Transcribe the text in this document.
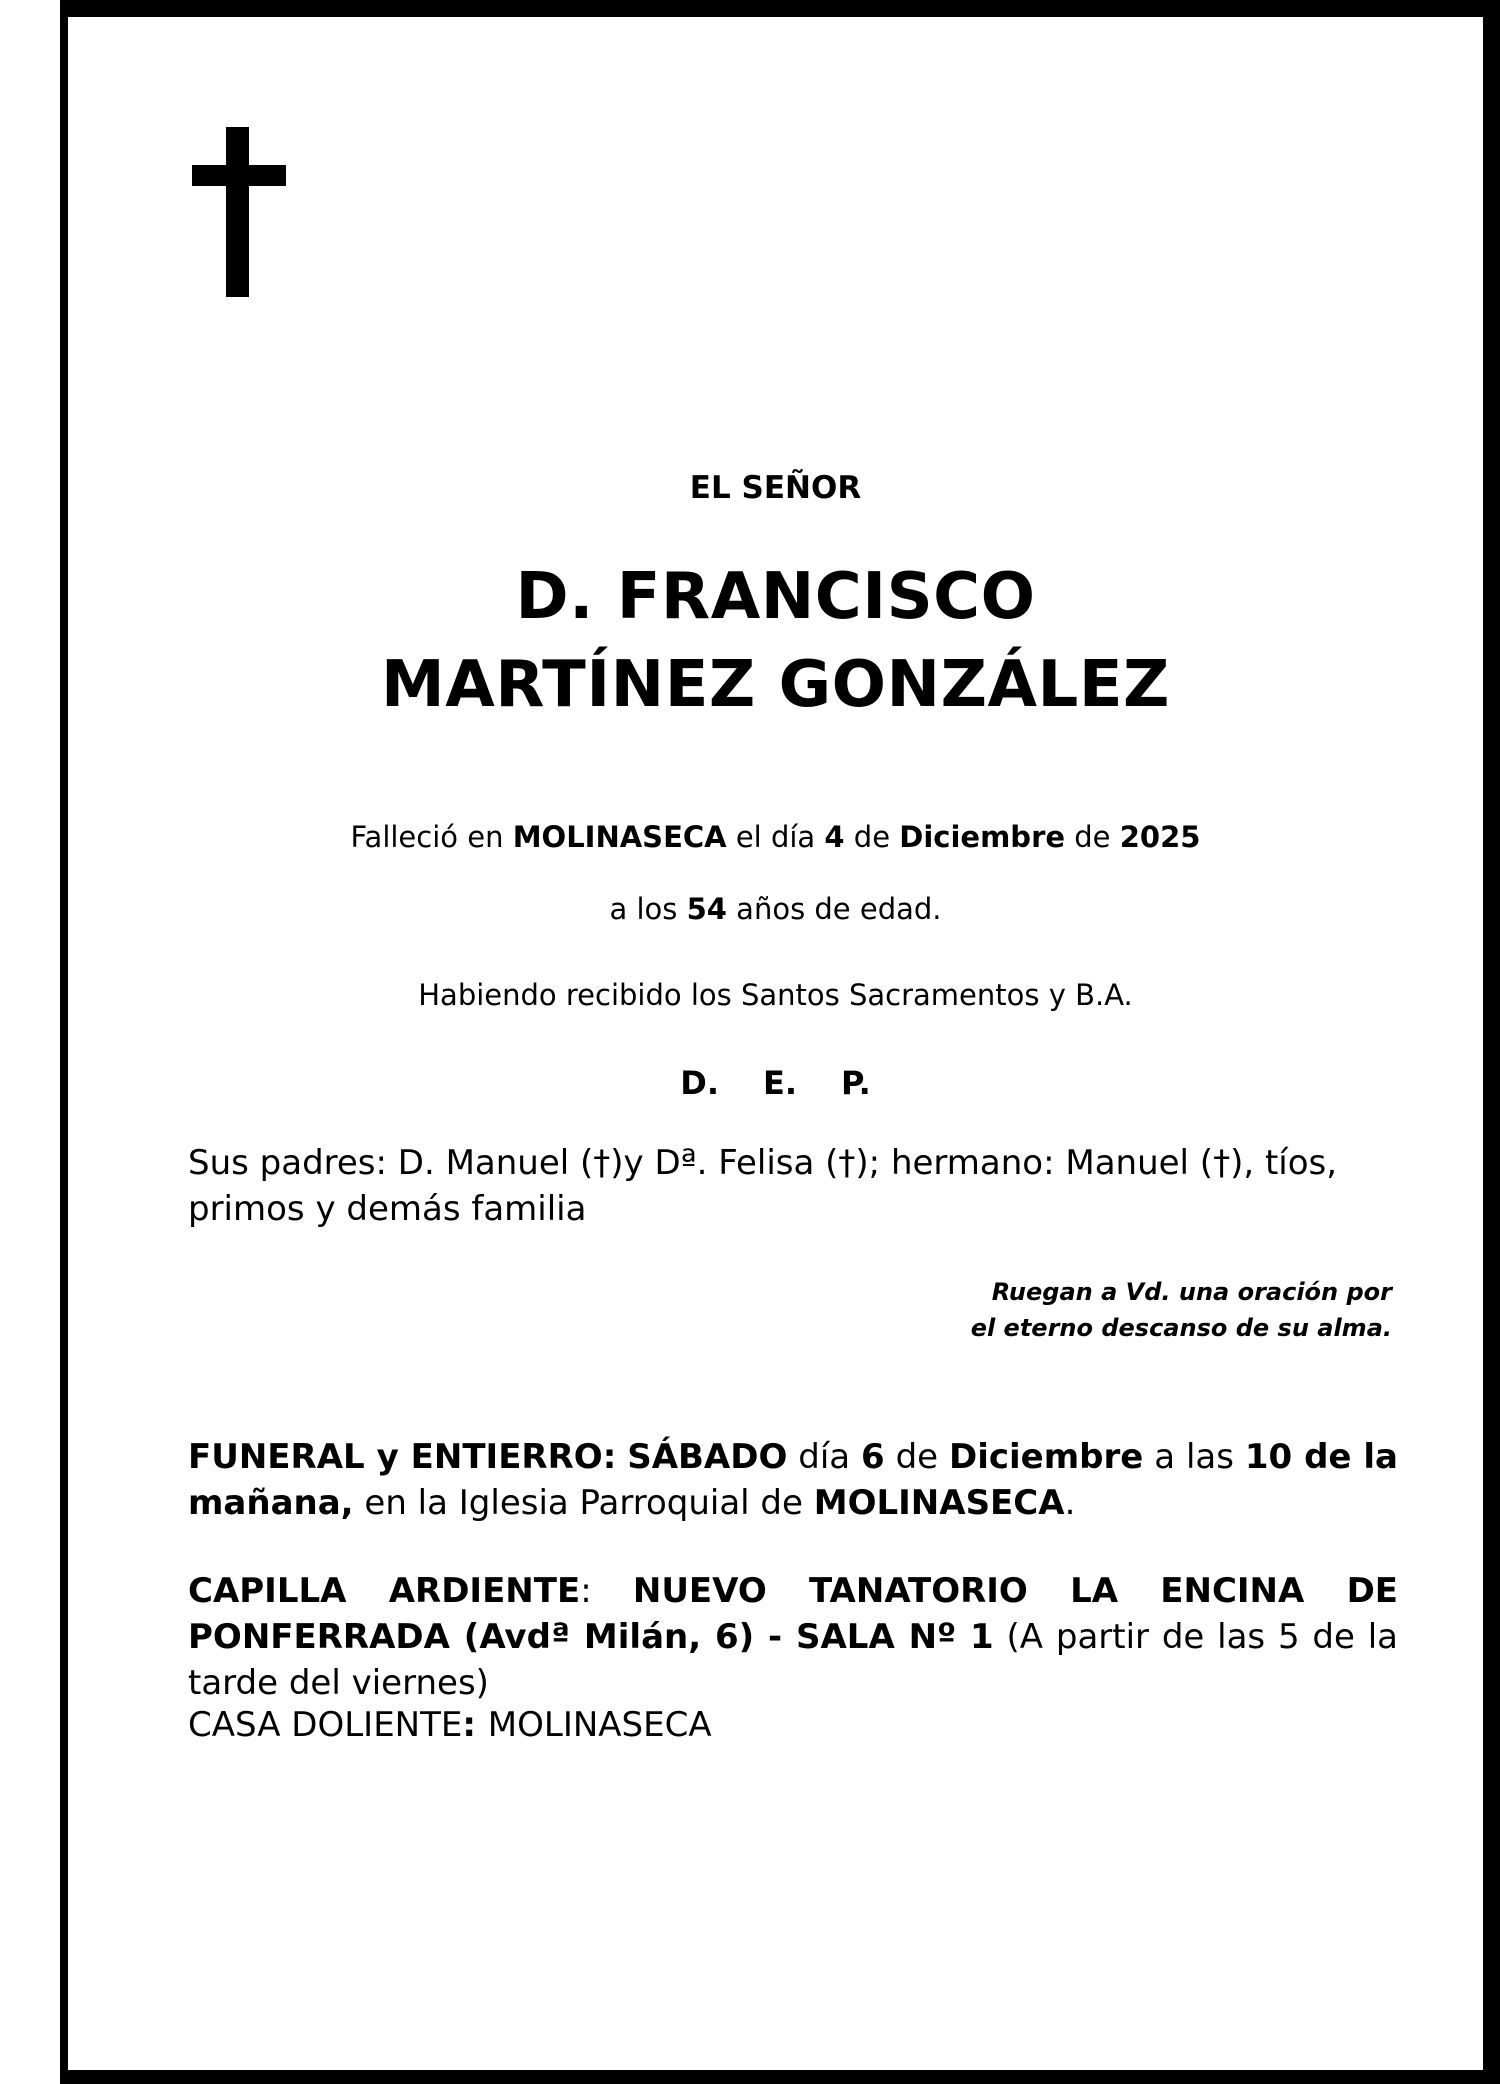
EL SEÑOR
D. FRANCISCO
MARTÍNEZ GONZÁLEZ
Falleció en MOLINASECA el día 4 de Diciembre de 2025
a los 54 años de edad.
Habiendo recibido los Santos Sacramentos y B.A.
D. E. P.
Sus padres: D. Manuel (†)y Dª. Felisa (†); hermano: Manuel (†), tíos, primos y demás familia
Ruegan a Vd. una oración por
el eterno descanso de su alma.
FUNERAL y ENTIERRO: SÁBADO día 6 de Diciembre a las 10 de la mañana, en la Iglesia Parroquial de MOLINASECA.
CAPILLA ARDIENTE: NUEVO TANATORIO LA ENCINA DE PONFERRADA (Avdª Milán, 6) - SALA Nº 1 (A partir de las 5 de la tarde del viernes)
CASA DOLIENTE: MOLINASECA
